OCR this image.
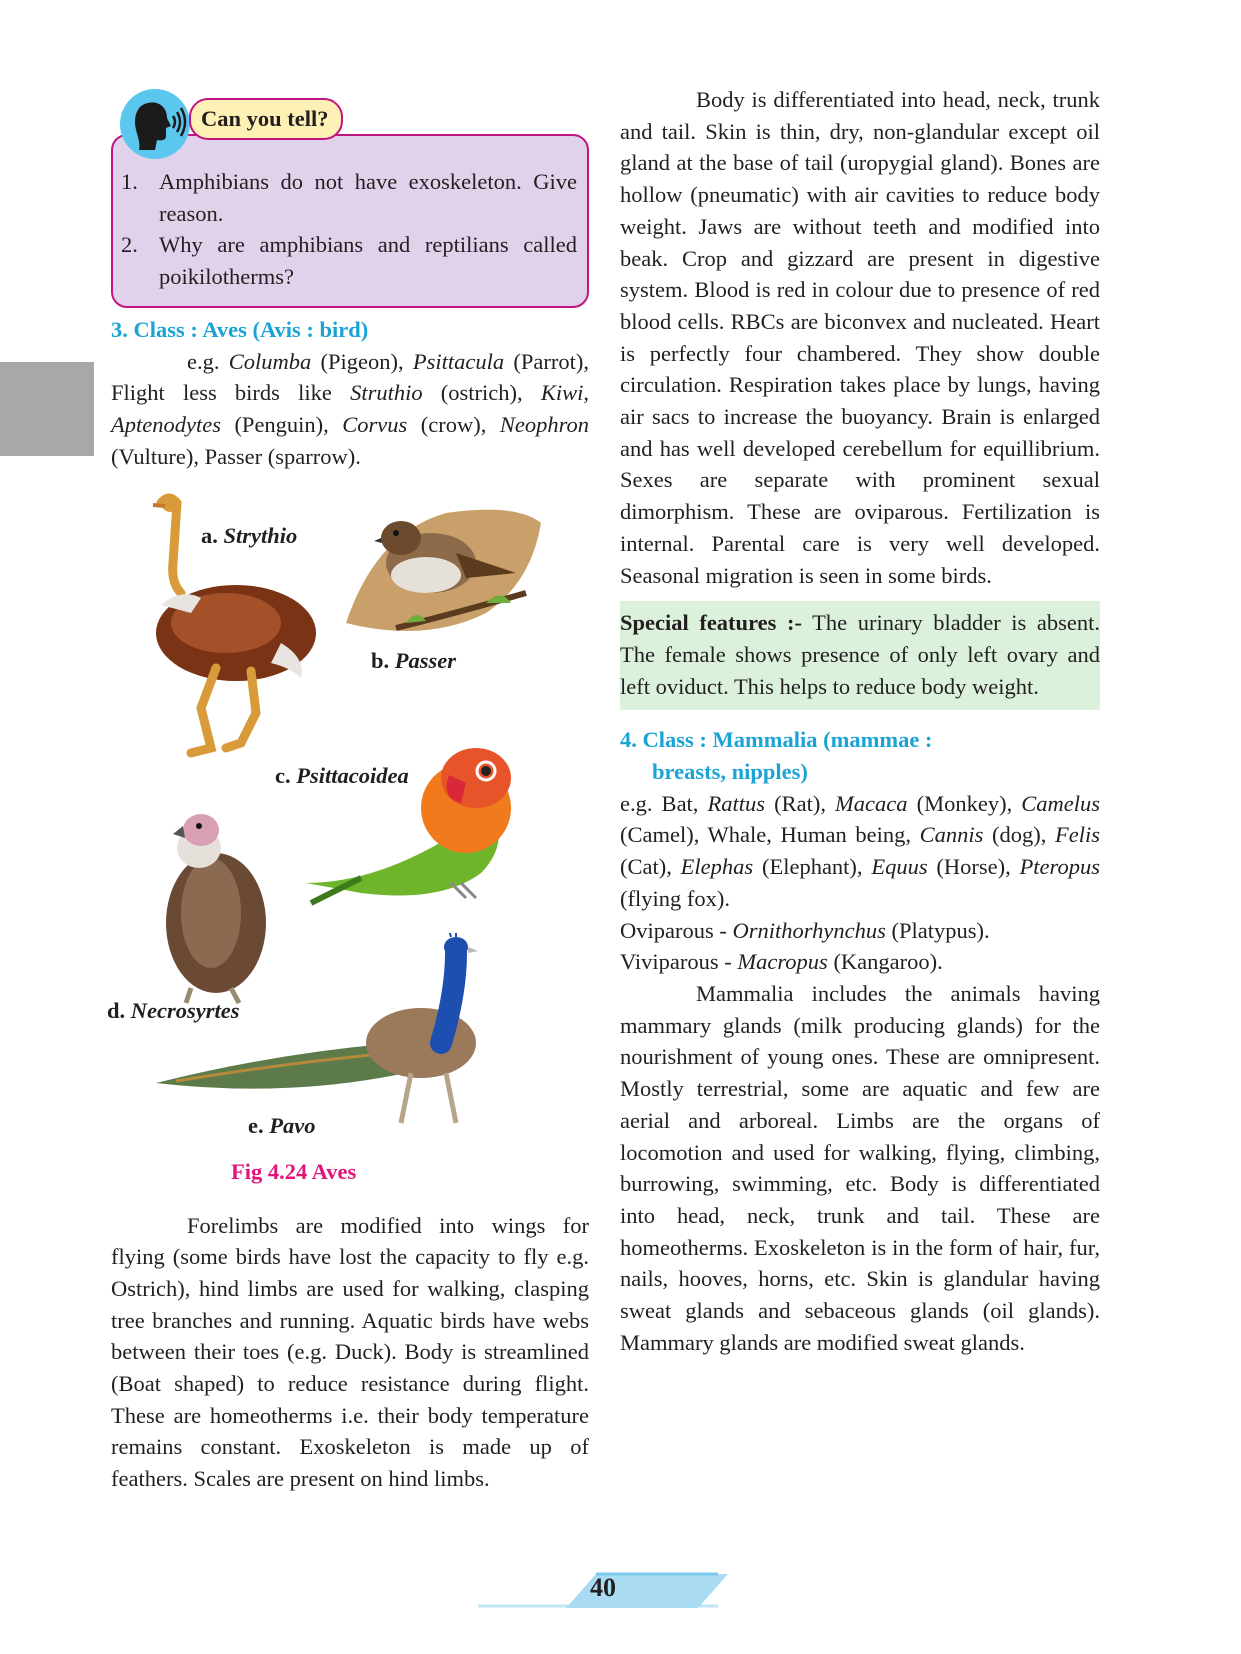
Can you tell?
1. Amphibians do not have exoskeleton. Give reason.
2. Why are amphibians and reptilians called poikilotherms?

3. Class : Aves (Avis : bird)

e.g. Columba (Pigeon), Psittacula (Parrot), Flight less birds like Struthio (ostrich), Kiwi, Aptenodytes (Penguin), Corvus (crow), Neophron (Vulture), Passer (sparrow).

a. Strythio
b. Passer
c. Psittacoidea
d. Necrosyrtes
e. Pavo
Fig 4.24 Aves

Forelimbs are modified into wings for flying (some birds have lost the capacity to fly e.g. Ostrich), hind limbs are used for walking, clasping tree branches and running. Aquatic birds have webs between their toes (e.g. Duck). Body is streamlined (Boat shaped) to reduce resistance during flight. These are homeotherms i.e. their body temperature remains constant. Exoskeleton is made up of feathers. Scales are present on hind limbs.

Body is differentiated into head, neck, trunk and tail. Skin is thin, dry, non-glandular except oil gland at the base of tail (uropygial gland). Bones are hollow (pneumatic) with air cavities to reduce body weight. Jaws are without teeth and modified into beak. Crop and gizzard are present in digestive system. Blood is red in colour due to presence of red blood cells. RBCs are biconvex and nucleated. Heart is perfectly four chambered. They show double circulation. Respiration takes place by lungs, having air sacs to increase the buoyancy. Brain is enlarged and has well developed cerebellum for equillibrium. Sexes are separate with prominent sexual dimorphism. These are oviparous. Fertilization is internal. Parental care is very well developed. Seasonal migration is seen in some birds.

Special features :- The urinary bladder is absent. The female shows presence of only left ovary and left oviduct. This helps to reduce body weight.

4. Class : Mammalia (mammae :
breasts, nipples)

e.g. Bat, Rattus (Rat), Macaca (Monkey), Camelus (Camel), Whale, Human being, Cannis (dog), Felis (Cat), Elephas (Elephant), Equus (Horse), Pteropus (flying fox).

Oviparous - Ornithorhynchus (Platypus).

Viviparous - Macropus (Kangaroo).

Mammalia includes the animals having mammary glands (milk producing glands) for the nourishment of young ones. These are omnipresent. Mostly terrestrial, some are aquatic and few are aerial and arboreal. Limbs are the organs of locomotion and used for walking, flying, climbing, burrowing, swimming, etc. Body is differentiated into head, neck, trunk and tail. These are homeotherms. Exoskeleton is in the form of hair, fur, nails, hooves, horns, etc. Skin is glandular having sweat glands and sebaceous glands (oil glands). Mammary glands are modified sweat glands.

40
